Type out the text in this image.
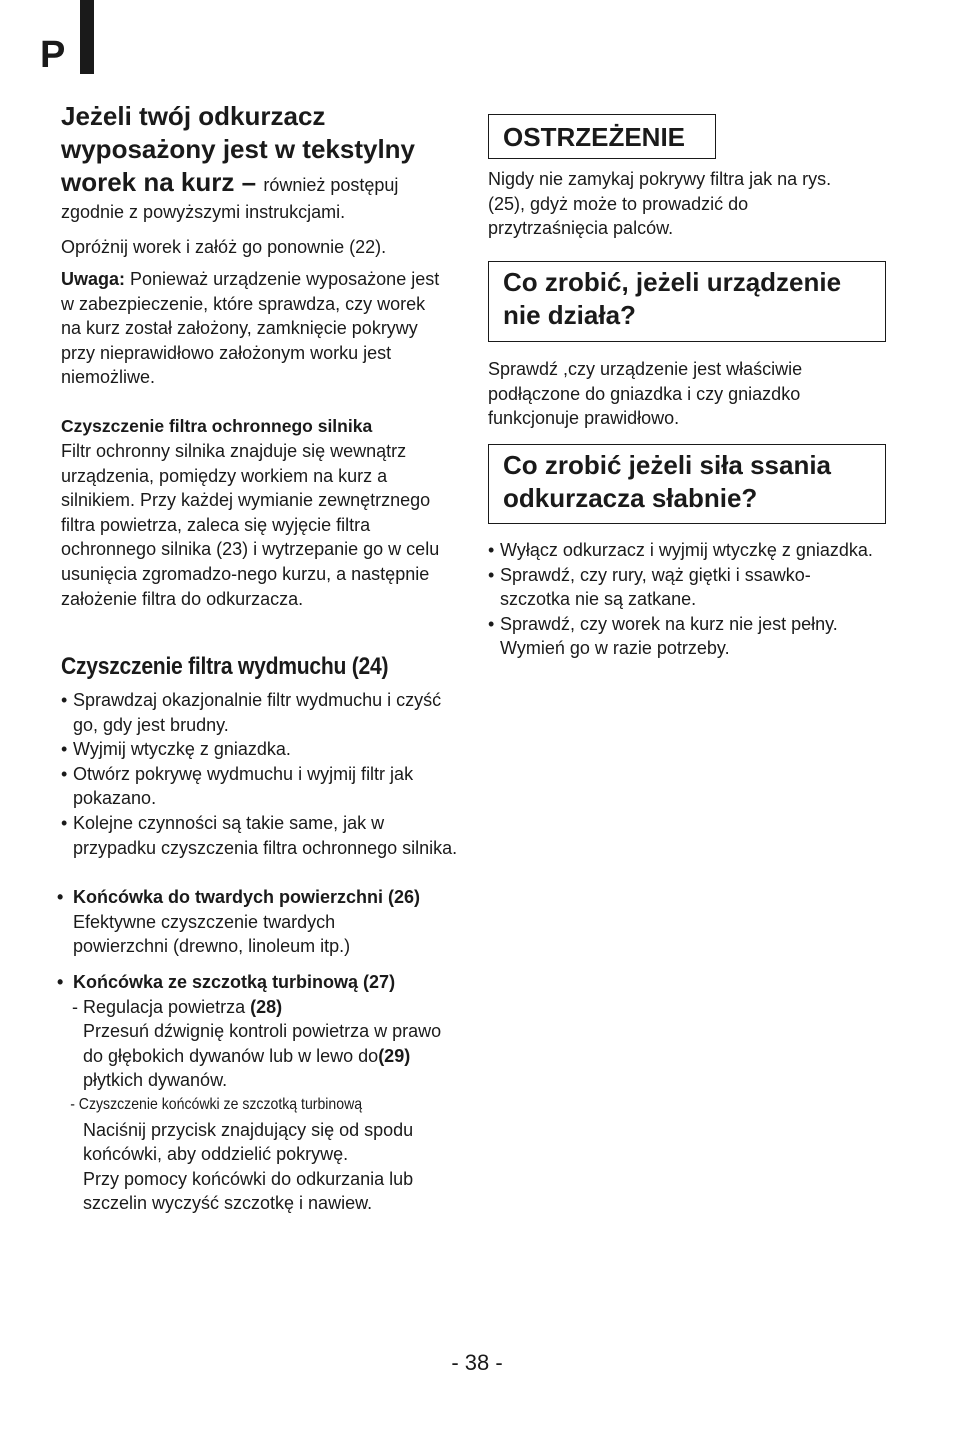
P
Jeżeli twój odkurzacz
wyposażony jest w tekstylny
worek na kurz – również postępuj

zgodnie z powyższymi instrukcjami.

Opróżnij worek i załóż go ponownie (22).

Uwaga: Ponieważ urządzenie wyposażone jest w zabezpieczenie, które sprawdza, czy worek na kurz został założony, zamknięcie pokrywy przy nieprawidłowo założonym worku jest niemożliwe.

Czyszczenie filtra ochronnego silnika

Filtr ochronny silnika znajduje się wewnątrz urządzenia, pomiędzy workiem na kurz a silnikiem. Przy każdej wymianie zewnętrznego filtra powietrza, zaleca się wyjęcie filtra ochronnego silnika (23) i wytrzepanie go w celu usunięcia zgromadzo-nego kurzu, a następnie założenie filtra do odkurzacza.

Czyszczenie filtra wydmuchu (24)

• Sprawdzaj okazjonalnie filtr wydmuchu i czyść go, gdy jest brudny.
• Wyjmij wtyczkę z gniazdka.
• Otwórz pokrywę wydmuchu i wyjmij filtr jak pokazano.
• Kolejne czynności są takie same, jak w przypadku czyszczenia filtra ochronnego silnika.
• Końcówka do twardych powierzchni (26)

Efektywne czyszczenie twardych powierzchni (drewno, linoleum itp.)

• Końcówka ze szczotką turbinową (27)
- Regulacja powietrza (28)

Przesuń dźwignię kontroli powietrza w prawo do głębokich dywanów lub w lewo do(29)
płytkich dywanów.

- Czyszczenie końcówki ze szczotką turbinową

Naciśnij przycisk znajdujący się od spodu końcówki, aby oddzielić pokrywę.

Przy pomocy końcówki do odkurzania lub szczelin wyczyść szczotkę i nawiew.

OSTRZEŻENIE

Nigdy nie zamykaj pokrywy filtra jak na rys. (25), gdyż może to prowadzić do przytrzaśnięcia palców.

Co zrobić, jeżeli urządzenie nie działa?

Sprawdź ,czy urządzenie jest właściwie podłączone do gniazdka i czy gniazdko funkcjonuje prawidłowo.

Co zrobić jeżeli siła ssania odkurzacza słabnie?
• Wyłącz odkurzacz i wyjmij wtyczkę z gniazdka.
• Sprawdź, czy rury, wąż giętki i ssawko-szczotka nie są zatkane.
• Sprawdź, czy worek na kurz nie jest pełny. Wymień go w razie potrzeby.
- 38 -
